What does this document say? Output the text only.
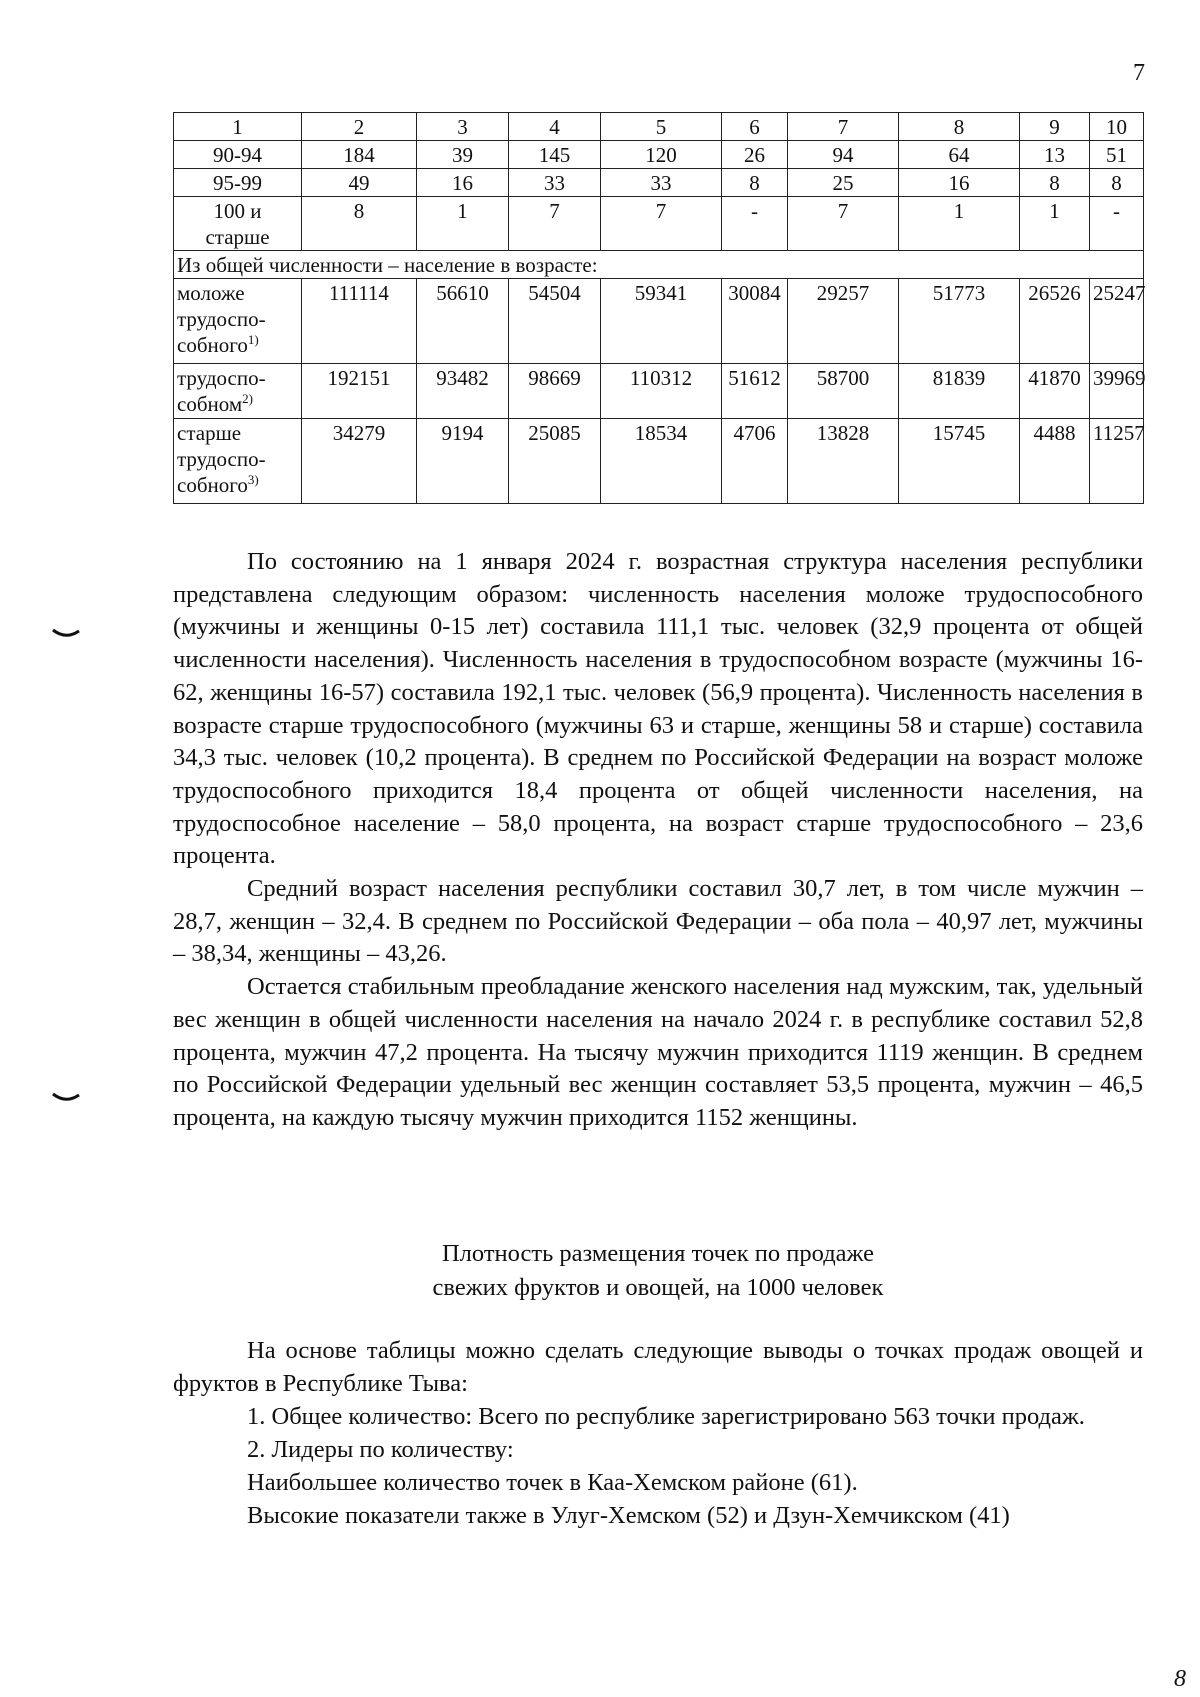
7
1	2	3	4	5	6	7	8	9	10
90-94	184	39	145	120	26	94	64	13	51
95-99	49	16	33	33	8	25	16	8	8

100 и
старше	8	1	7	7	-	7	1	1	-
Из общей численности – население в возрасте:									

моложе
трудоспо-
собного$^{1)}$	111114	56610	54504	59341	30084	29257	51773	26526	25247

трудоспо-
собном$^{2)}$	192151	93482	98669	110312	51612	58700	81839	41870	39969

старше
трудоспо-
собного$^{3)}$	34279	9194	25085	18534	4706	13828	15745	4488	11257

По состоянию на 1 января 2024 г. возрастная структура населения республики представлена следующим образом: численность населения моложе трудоспособного (мужчины и женщины 0-15 лет) составила 111,1 тыс. человек (32,9 процента от общей численности населения). Численность населения в трудоспособном возрасте (мужчины 16-62, женщины 16-57) составила 192,1 тыс. человек (56,9 процента). Численность населения в возрасте старше трудоспособного (мужчины 63 и старше, женщины 58 и старше) составила 34,3 тыс. человек (10,2 процента). В среднем по Российской Федерации на возраст моложе трудоспособного приходится 18,4 процента от общей численности населения, на трудоспособное население – 58,0 процента, на возраст старше трудоспособного – 23,6 процента.

Средний возраст населения республики составил 30,7 лет, в том числе мужчин – 28,7, женщин – 32,4. В среднем по Российской Федерации – оба пола – 40,97 лет, мужчины – 38,34, женщины – 43,26.

Остается стабильным преобладание женского населения над мужским, так, удельный вес женщин в общей численности населения на начало 2024 г. в республике составил 52,8 процента, мужчин 47,2 процента. На тысячу мужчин приходится 1119 женщин. В среднем по Российской Федерации удельный вес женщин составляет 53,5 процента, мужчин – 46,5 процента, на каждую тысячу мужчин приходится 1152 женщины.

Плотность размещения точек по продаже
свежих фруктов и овощей, на 1000 человек

На основе таблицы можно сделать следующие выводы о точках продаж овощей и фруктов в Республике Тыва:

1. Общее количество: Всего по республике зарегистрировано 563 точки продаж.

2. Лидеры по количеству:

Наибольшее количество точек в Каа-Хемском районе (61).

Высокие показатели также в Улуг-Хемском (52) и Дзун-Хемчикском (41)

8
